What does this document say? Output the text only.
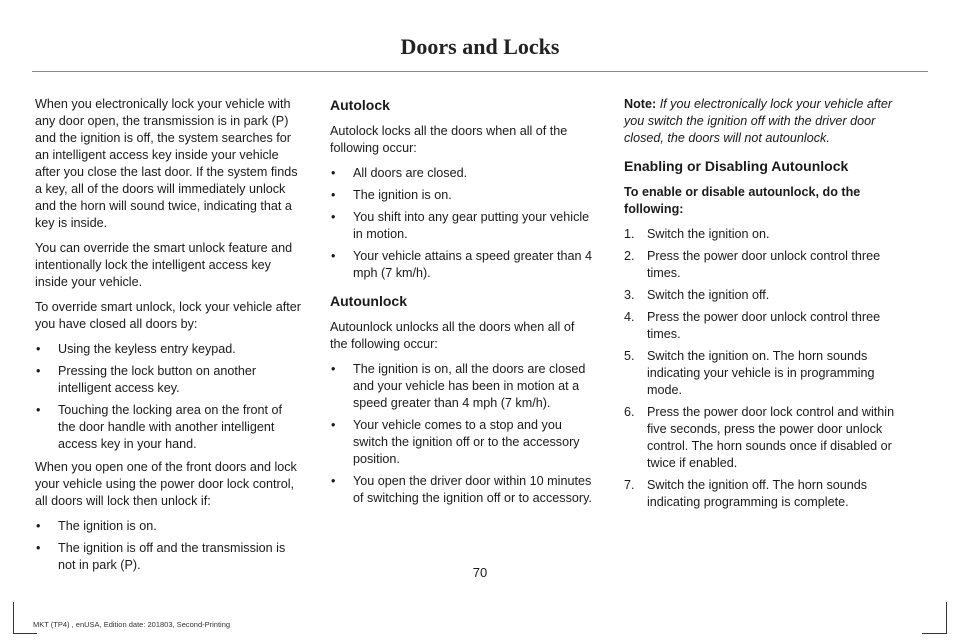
Doors and Locks

When you electronically lock your vehicle with any door open, the transmission is in park (P) and the ignition is off, the system searches for an intelligent access key inside your vehicle after you close the last door. If the system finds a key, all of the doors will immediately unlock and the horn will sound twice, indicating that a key is inside.

You can override the smart unlock feature and intentionally lock the intelligent access key inside your vehicle.

To override smart unlock, lock your vehicle after you have closed all doors by:

• Using the keyless entry keypad.
• Pressing the lock button on another intelligent access key.
• Touching the locking area on the front of the door handle with another intelligent access key in your hand.

When you open one of the front doors and lock your vehicle using the power door lock control, all doors will lock then unlock if:

• The ignition is on.
• The ignition is off and the transmission is not in park (P).
Autolock

Autolock locks all the doors when all of the following occur:

• All doors are closed.
• The ignition is on.
• You shift into any gear putting your vehicle in motion.
• Your vehicle attains a speed greater than 4 mph (7 km/h).
Autounlock

Autounlock unlocks all the doors when all of the following occur:

• The ignition is on, all the doors are closed and your vehicle has been in motion at a speed greater than 4 mph (7 km/h).
• Your vehicle comes to a stop and you switch the ignition off or to the accessory position.
• You open the driver door within 10 minutes of switching the ignition off or to accessory.

Note: If you electronically lock your vehicle after you switch the ignition off with the driver door closed, the doors will not autounlock.

Enabling or Disabling Autounlock

To enable or disable autounlock, do the following:

1. Switch the ignition on.
2. Press the power door unlock control three times.
3. Switch the ignition off.
4. Press the power door unlock control three times.
5. Switch the ignition on. The horn sounds indicating your vehicle is in programming mode.
6. Press the power door lock control and within five seconds, press the power door unlock control. The horn sounds once if disabled or twice if enabled.
7. Switch the ignition off. The horn sounds indicating programming is complete.
70
MKT (TP4) , enUSA, Edition date: 201803, Second-Printing
